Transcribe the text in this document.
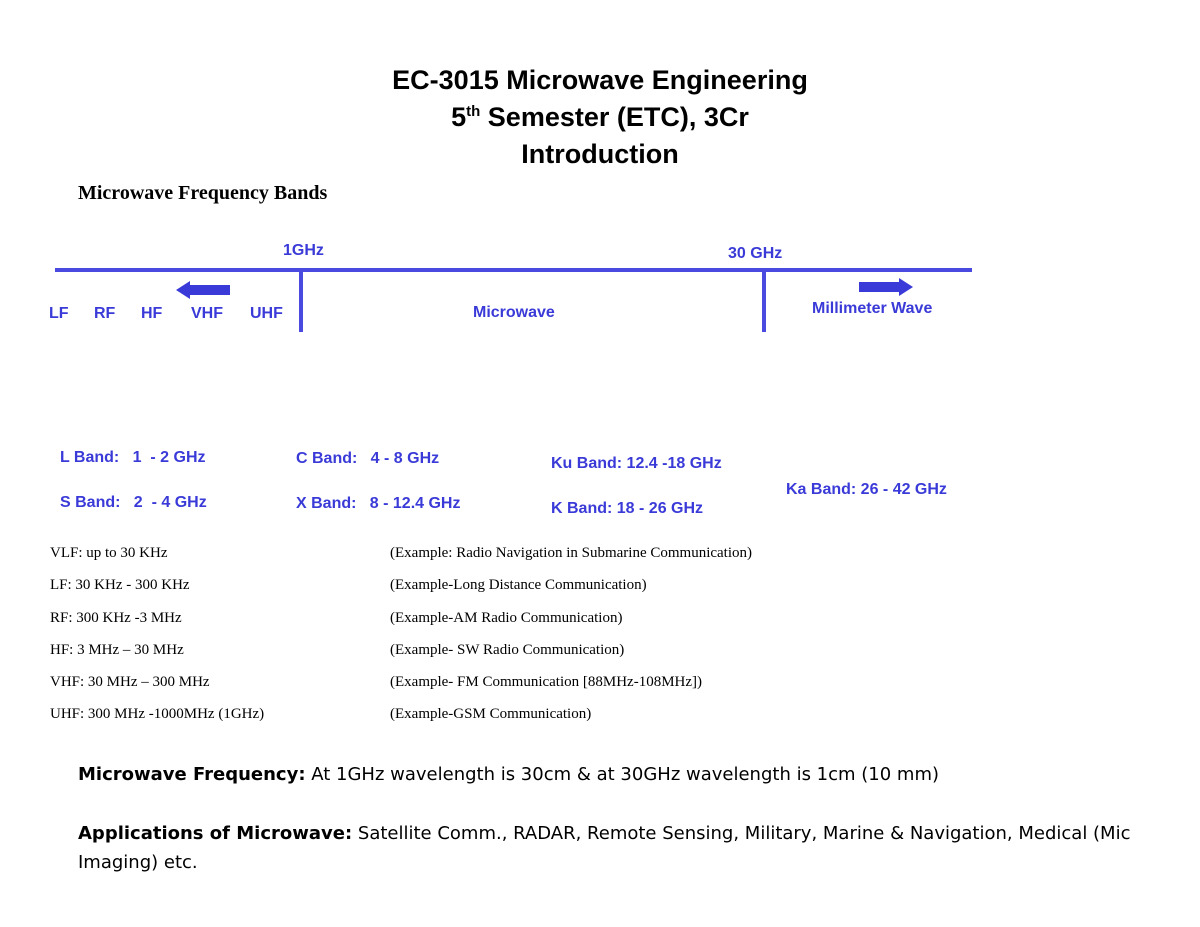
EC-3015 Microwave Engineering
5th Semester (ETC), 3Cr
Introduction
Microwave Frequency Bands
1GHz	30 GHz
LF RF HF VHF UHF	Microwave	Millimeter Wave
L Band:   1  - 2 GHz
S Band:   2  - 4 GHz
C Band:   4 - 8 GHz
X Band:   8 - 12.4 GHz
Ku Band: 12.4 -18 GHz
K Band: 18 - 26 GHz
Ka Band: 26 - 42 GHz
VLF: up to 30 KHz	(Example: Radio Navigation in Submarine Communication)
LF: 30 KHz - 300 KHz	(Example-Long Distance Communication)
RF: 300 KHz -3 MHz	(Example-AM Radio Communication)
HF: 3 MHz – 30 MHz	(Example- SW Radio Communication)
VHF: 30 MHz – 300 MHz	(Example- FM Communication [88MHz-108MHz])
UHF: 300 MHz -1000MHz (1GHz)	(Example-GSM Communication)
Microwave Frequency: At 1GHz wavelength is 30cm & at 30GHz wavelength is 1cm (10 mm)
Applications of Microwave: Satellite Comm., RADAR, Remote Sensing, Military, Marine & Navigation, Medical (Mic
Imaging) etc.
